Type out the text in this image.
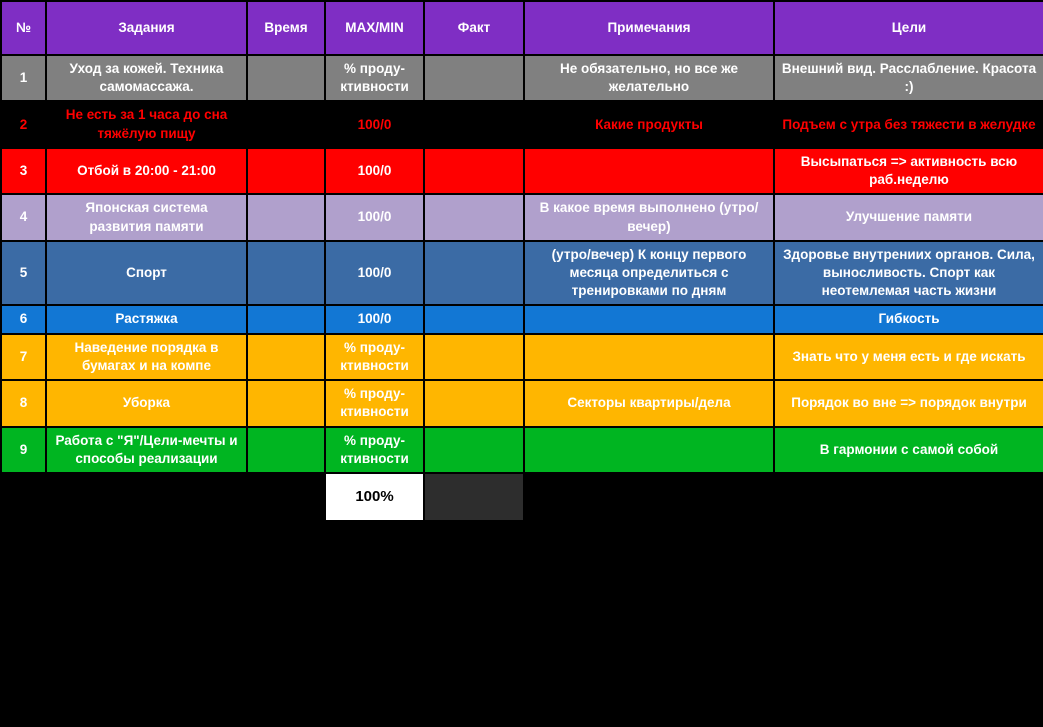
№	Задания	Время	MAX/MIN	Факт	Примечания	Цели
1	Уход за кожей. Техника самомассажа.		% проду-ктивности		Не обязательно, но все же желательно	Внешний вид. Расслабление. Красота :)
2	Не есть за 1 часа до сна тяжёлую пищу		100/0		Какие продукты	Подъем с утра без тяжести в желудке
3	Отбой в 20:00 - 21:00		100/0			Высыпаться => активность всю раб.неделю
4	Японская система развития памяти		100/0		В какое время выполнено (утро/вечер)	Улучшение памяти
5	Спорт		100/0		(утро/вечер) К концу первого месяца определиться с тренировками по дням	Здоровье внутрениих органов. Сила, выносливость. Спорт как неотемлемая часть жизни
6	Растяжка		100/0			Гибкость
7	Наведение порядка в бумагах и на компе		% проду-ктивности			Знать что у меня есть и где искать
8	Уборка		% проду-ктивности		Секторы квартиры/дела	Порядок во вне => порядок внутри
9	Работа с "Я"/Цели-мечты и способы реализации		% проду-ктивности			В гармонии с самой собой
			100%			
